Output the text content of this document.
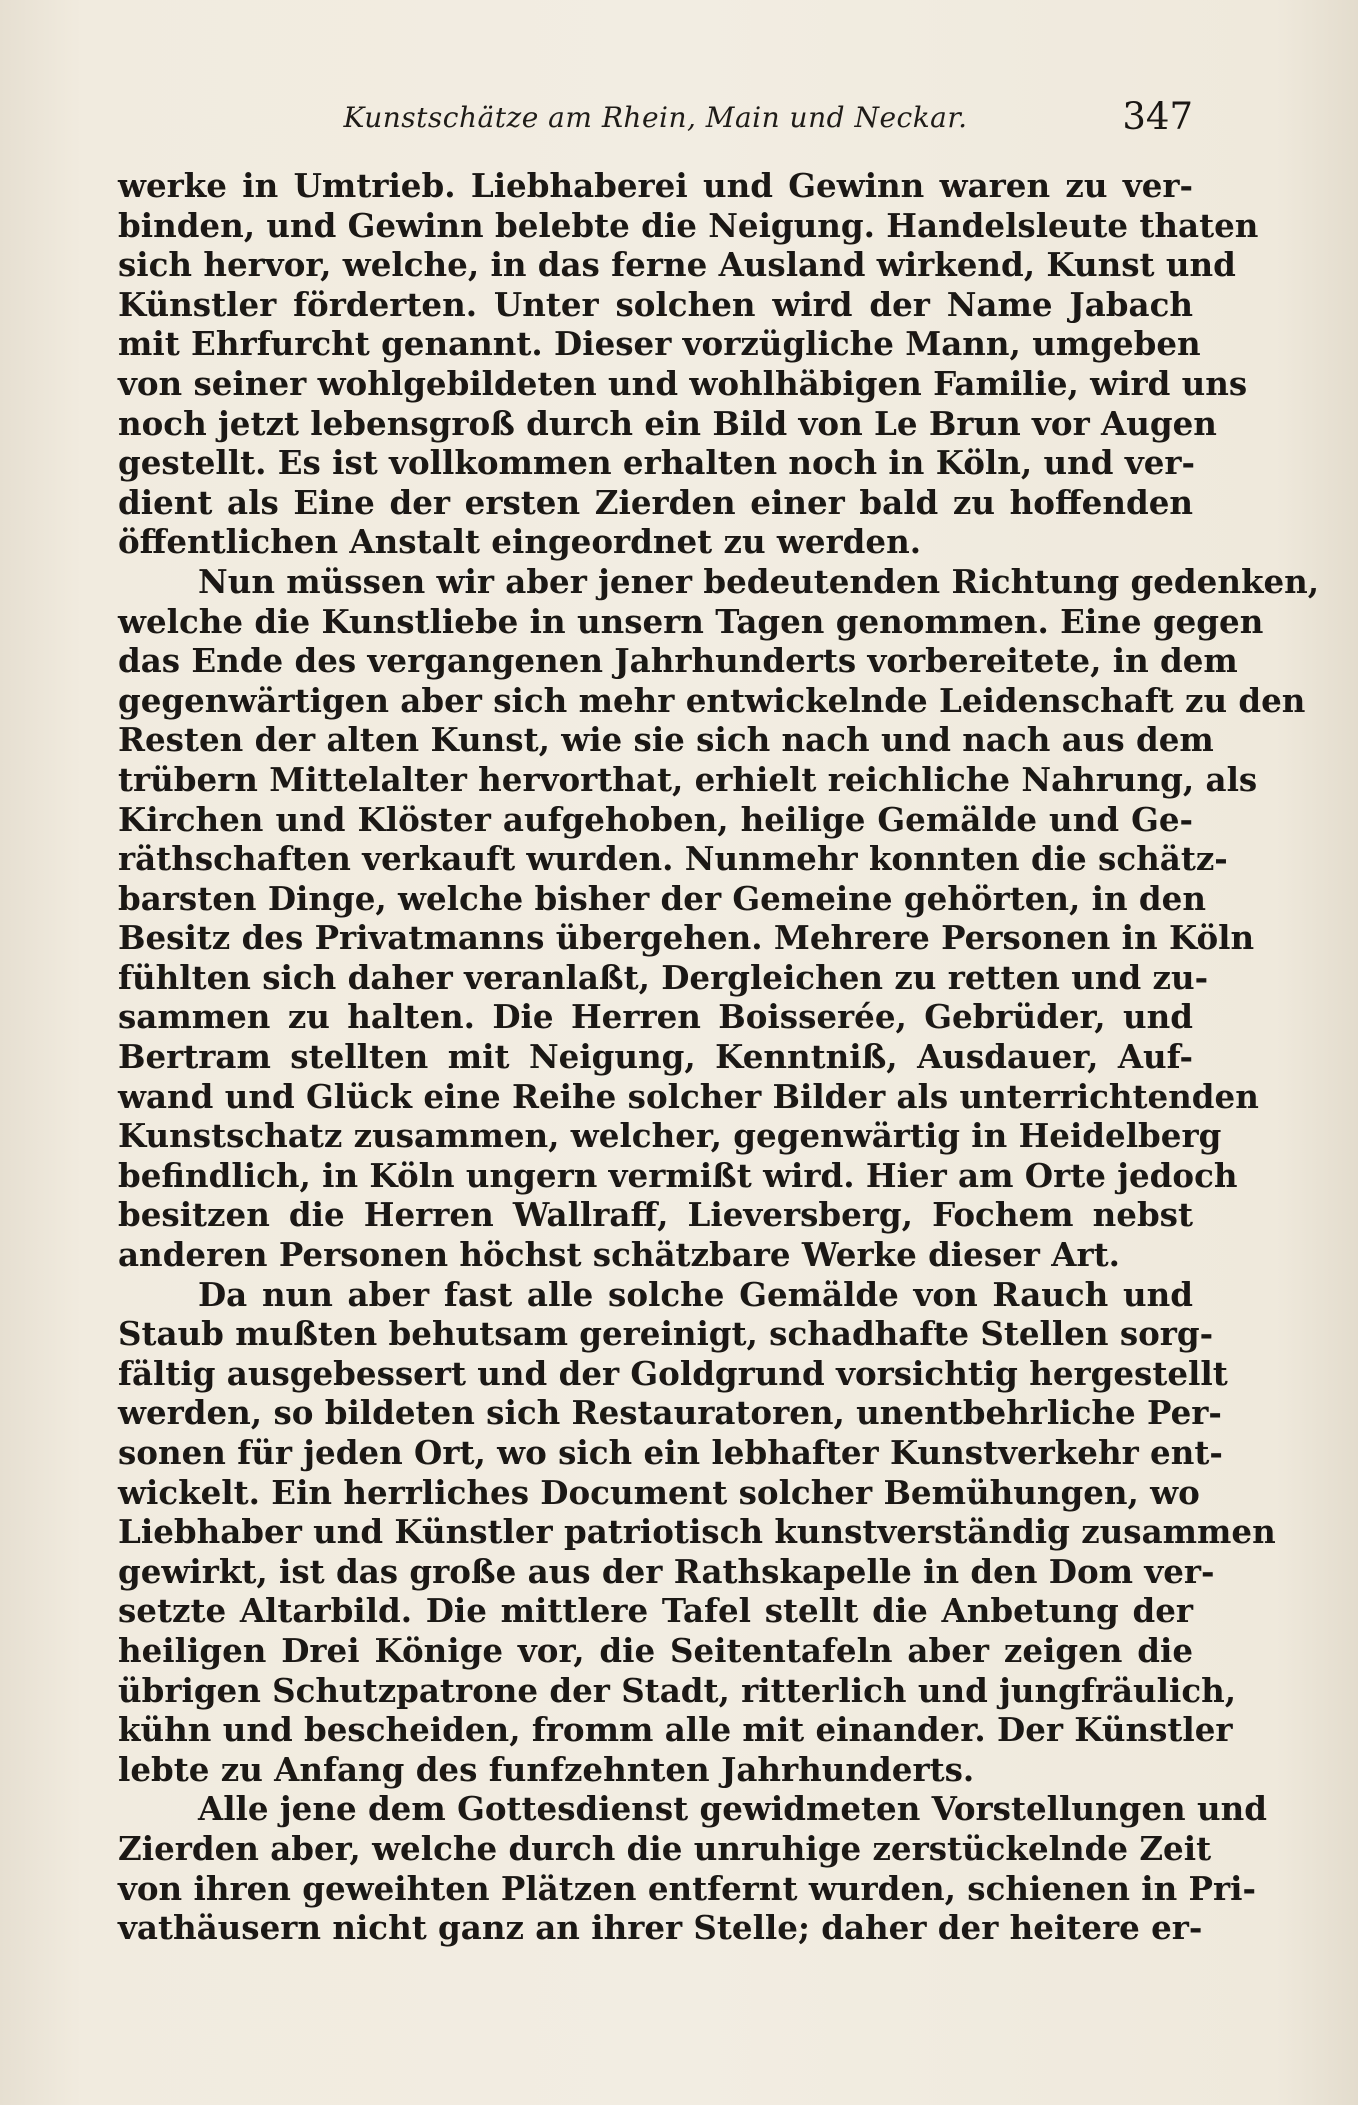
Kunstschätze am Rhein, Main und Neckar.	347
werke in Umtrieb. Liebhaberei und Gewinn waren zu ver-
binden, und Gewinn belebte die Neigung. Handelsleute thaten
sich hervor, welche, in das ferne Ausland wirkend, Kunst und
Künstler förderten. Unter solchen wird der Name Jabach
mit Ehrfurcht genannt. Dieser vorzügliche Mann, umgeben
von seiner wohlgebildeten und wohlhäbigen Familie, wird uns
noch jetzt lebensgroß durch ein Bild von Le Brun vor Augen
gestellt. Es ist vollkommen erhalten noch in Köln, und ver-
dient als Eine der ersten Zierden einer bald zu hoffenden
öffentlichen Anstalt eingeordnet zu werden.
Nun müssen wir aber jener bedeutenden Richtung gedenken,
welche die Kunstliebe in unsern Tagen genommen. Eine gegen
das Ende des vergangenen Jahrhunderts vorbereitete, in dem
gegenwärtigen aber sich mehr entwickelnde Leidenschaft zu den
Resten der alten Kunst, wie sie sich nach und nach aus dem
trübern Mittelalter hervorthat, erhielt reichliche Nahrung, als
Kirchen und Klöster aufgehoben, heilige Gemälde und Ge-
räthschaften verkauft wurden. Nunmehr konnten die schätz-
barsten Dinge, welche bisher der Gemeine gehörten, in den
Besitz des Privatmanns übergehen. Mehrere Personen in Köln
fühlten sich daher veranlaßt, Dergleichen zu retten und zu-
sammen zu halten. Die Herren Boisserée, Gebrüder, und
Bertram stellten mit Neigung, Kenntniß, Ausdauer, Auf-
wand und Glück eine Reihe solcher Bilder als unterrichtenden
Kunstschatz zusammen, welcher, gegenwärtig in Heidelberg
befindlich, in Köln ungern vermißt wird. Hier am Orte jedoch
besitzen die Herren Wallraff, Lieversberg, Fochem nebst
anderen Personen höchst schätzbare Werke dieser Art.
Da nun aber fast alle solche Gemälde von Rauch und
Staub mußten behutsam gereinigt, schadhafte Stellen sorg-
fältig ausgebessert und der Goldgrund vorsichtig hergestellt
werden, so bildeten sich Restauratoren, unentbehrliche Per-
sonen für jeden Ort, wo sich ein lebhafter Kunstverkehr ent-
wickelt. Ein herrliches Document solcher Bemühungen, wo
Liebhaber und Künstler patriotisch kunstverständig zusammen
gewirkt, ist das große aus der Rathskapelle in den Dom ver-
setzte Altarbild. Die mittlere Tafel stellt die Anbetung der
heiligen Drei Könige vor, die Seitentafeln aber zeigen die
übrigen Schutzpatrone der Stadt, ritterlich und jungfräulich,
kühn und bescheiden, fromm alle mit einander. Der Künstler
lebte zu Anfang des funfzehnten Jahrhunderts.
Alle jene dem Gottesdienst gewidmeten Vorstellungen und
Zierden aber, welche durch die unruhige zerstückelnde Zeit
von ihren geweihten Plätzen entfernt wurden, schienen in Pri-
vathäusern nicht ganz an ihrer Stelle; daher der heitere er-
